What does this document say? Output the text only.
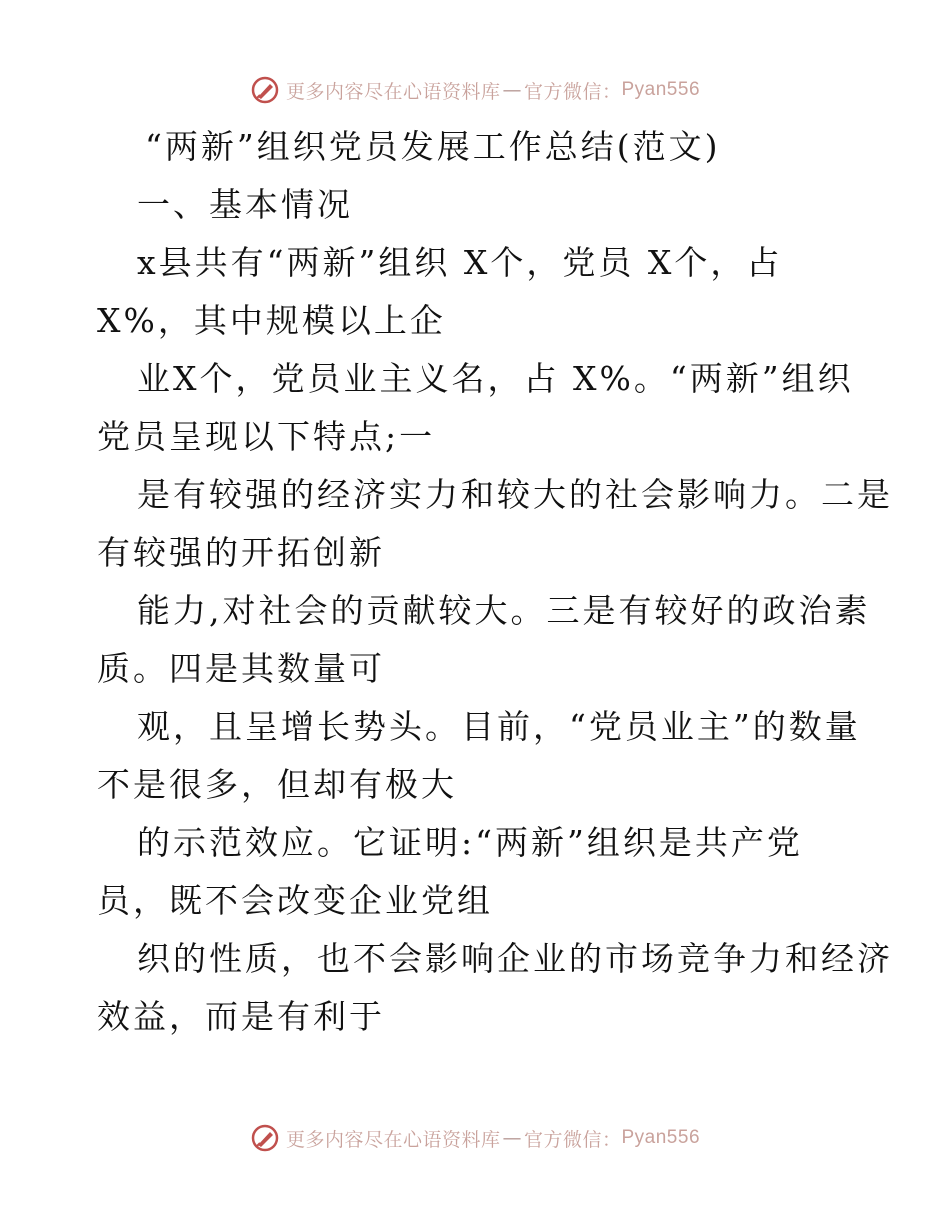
更多内容尽在心语资料库 — 官方微信： Pyan556
“两新”组织党员发展工作总结(范文)
一、基本情况
x县共有“两新”组织 X个，党员 X个，占
X%，其中规模以上企
业X个，党员业主义名，占 X%。“两新”组织
党员呈现以下特点;一
是有较强的经济实力和较大的社会影响力。二是
有较强的开拓创新
能力,对社会的贡献较大。三是有较好的政治素
质。四是其数量可
观，且呈增长势头。目前，“党员业主”的数量
不是很多，但却有极大
的示范效应。它证明:“两新”组织是共产党
员，既不会改变企业党组
织的性质，也不会影响企业的市场竞争力和经济
效益，而是有利于
更多内容尽在心语资料库 — 官方微信： Pyan556
